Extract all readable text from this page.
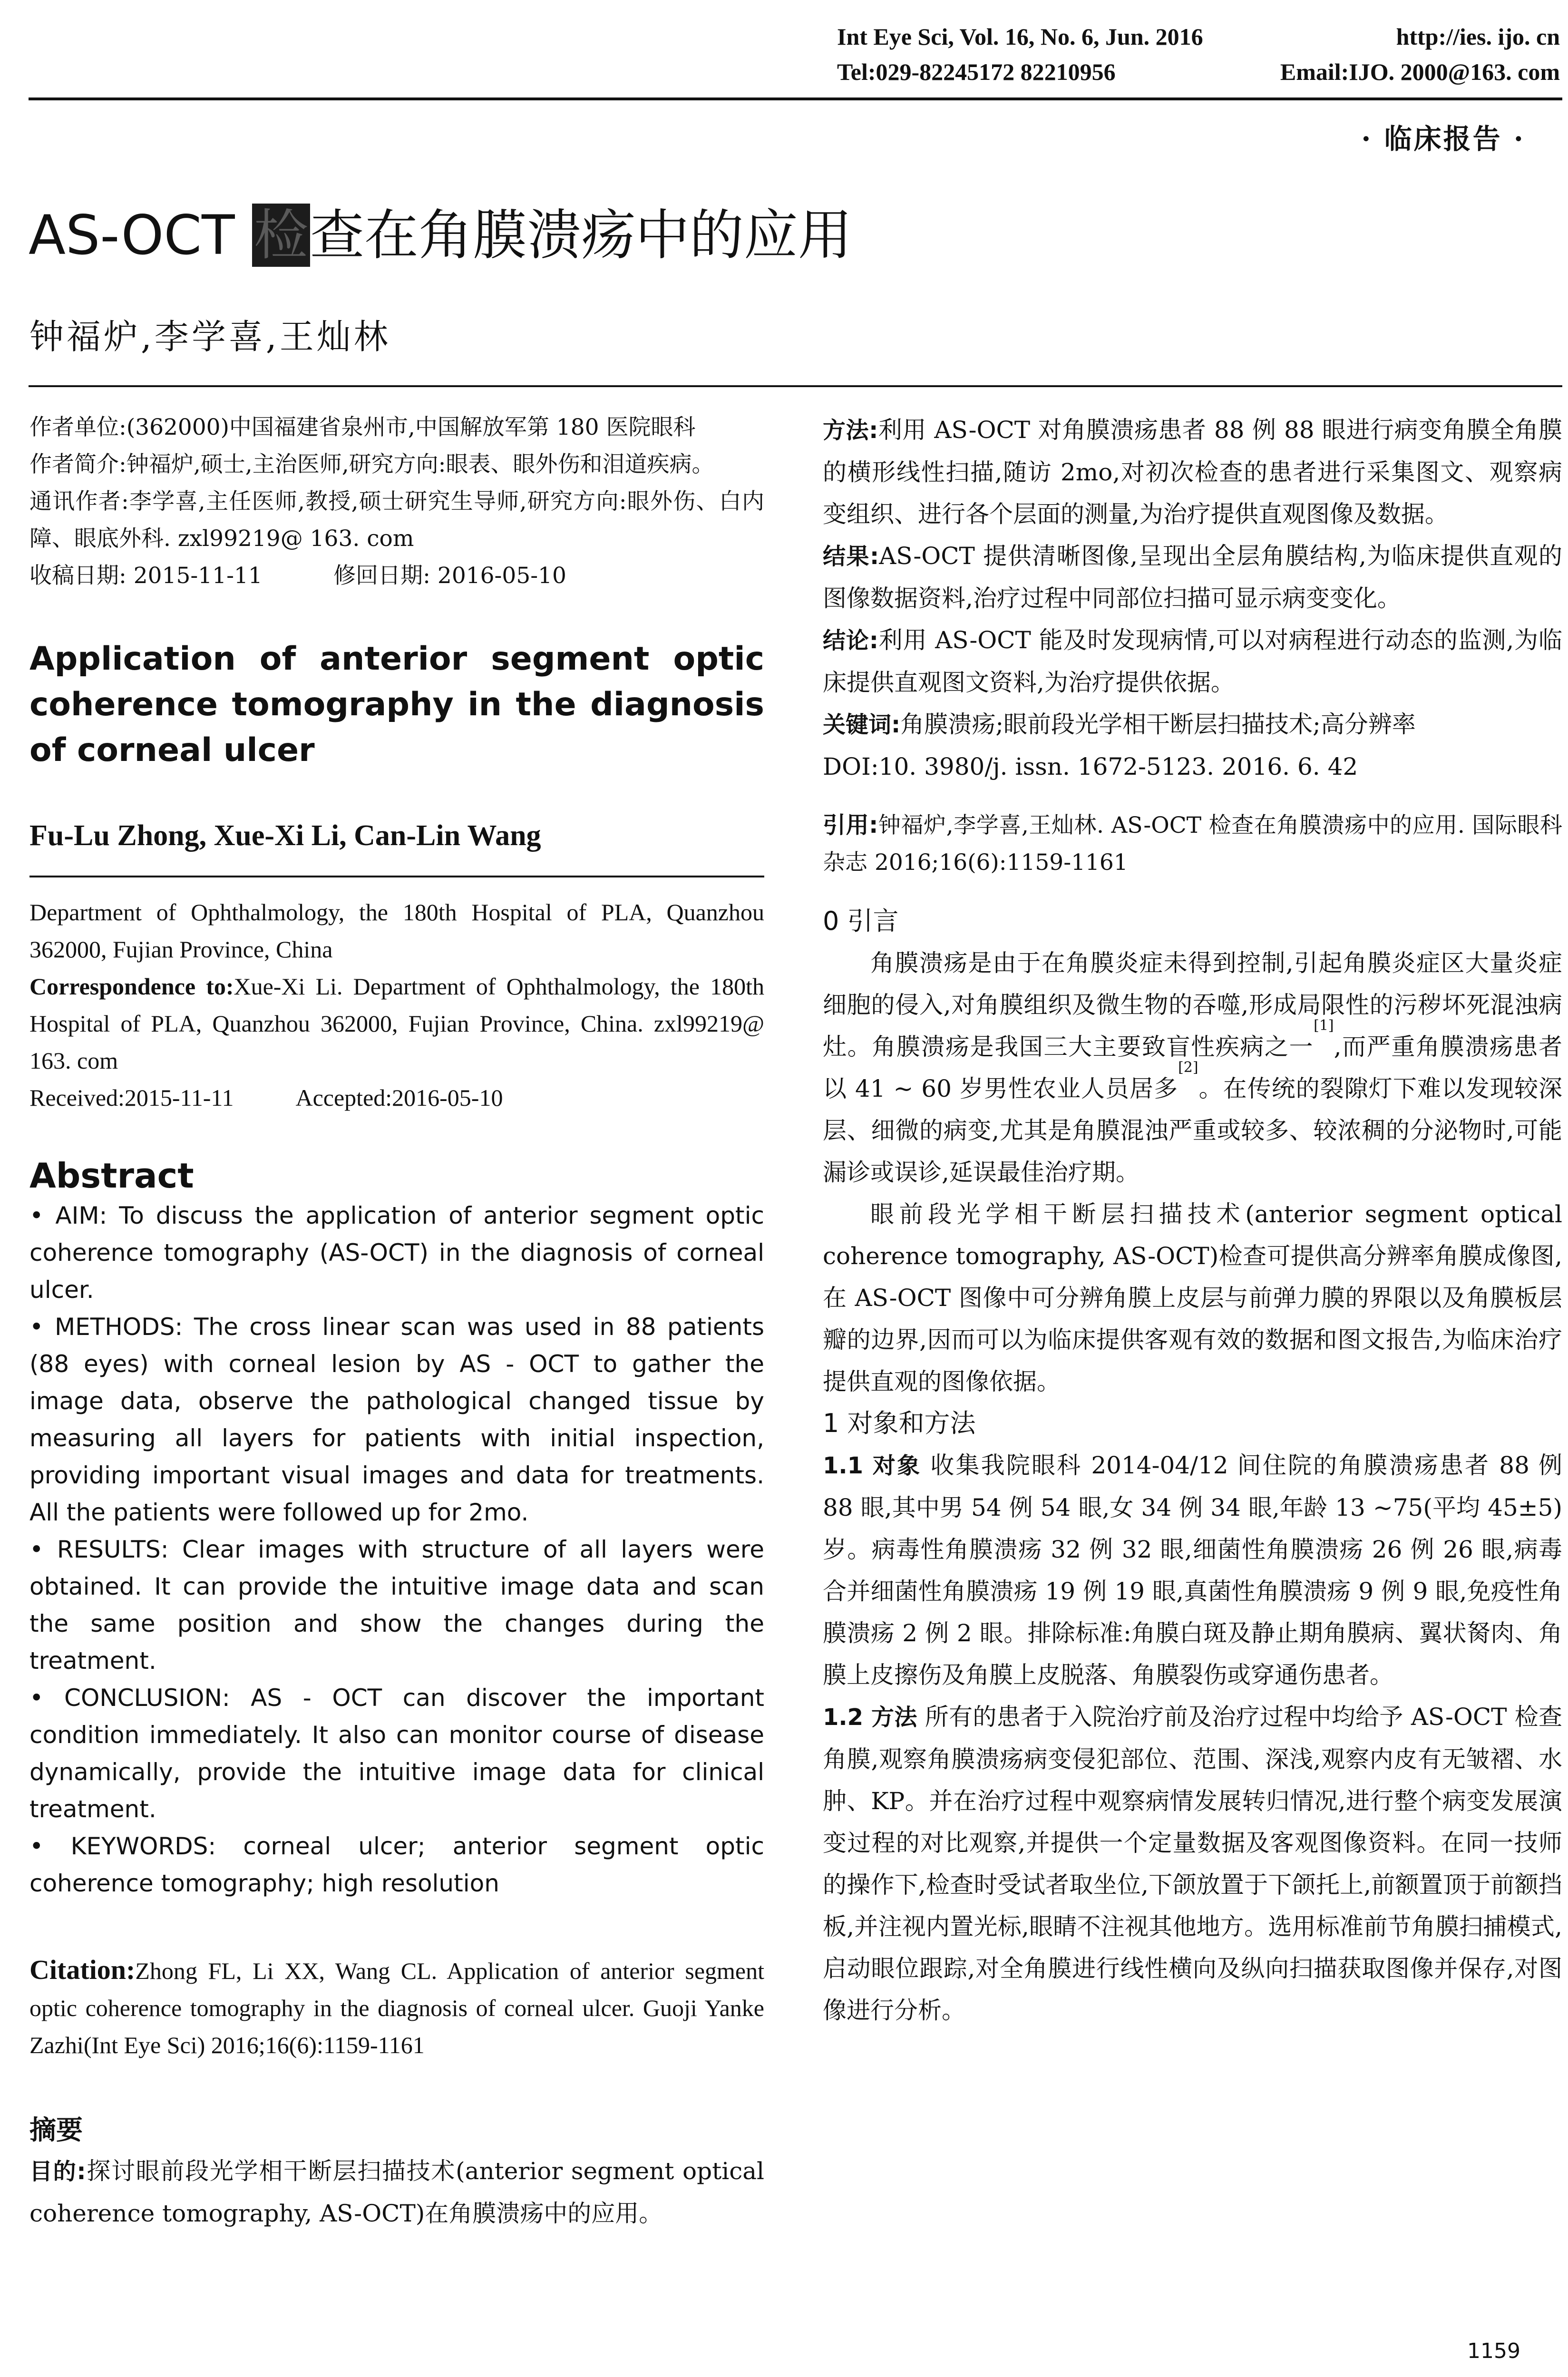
Int Eye Sci, Vol. 16, No. 6, Jun. 2016	http://ies. ijo. cn
Tel:029-82245172 82210956	Email:IJO. 2000@163. com
· 临床报告 ·
AS-OCT 检查在角膜溃疡中的应用
钟福炉,李学喜,王灿林

作者单位:(362000)中国福建省泉州市,中国解放军第 180 医院眼科

作者简介:钟福炉,硕士,主治医师,研究方向:眼表、眼外伤和泪道疾病。

通讯作者:李学喜,主任医师,教授,硕士研究生导师,研究方向:眼外伤、白内障、眼底外科. zxl99219@ 163. com

收稿日期: 2015-11-11          修回日期: 2016-05-10

Application of anterior segment optic coherence tomography in the diagnosis of corneal ulcer
Fu-Lu Zhong, Xue-Xi Li, Can-Lin Wang

Department of Ophthalmology, the 180th Hospital of PLA, Quanzhou 362000, Fujian Province, China

Correspondence to:Xue-Xi Li. Department of Ophthalmology, the 180th Hospital of PLA, Quanzhou 362000, Fujian Province, China. zxl99219@ 163. com

Received:2015-11-11	Accepted:2016-05-10
Abstract

• AIM: To discuss the application of anterior segment optic coherence tomography (AS-OCT) in the diagnosis of corneal ulcer.

• METHODS: The cross linear scan was used in 88 patients (88 eyes) with corneal lesion by AS - OCT to gather the image data, observe the pathological changed tissue by measuring all layers for patients with initial inspection, providing important visual images and data for treatments. All the patients were followed up for 2mo.

• RESULTS: Clear images with structure of all layers were obtained. It can provide the intuitive image data and scan the same position and show the changes during the treatment.

• CONCLUSION: AS - OCT can discover the important condition immediately. It also can monitor course of disease dynamically, provide the intuitive image data for clinical treatment.

• KEYWORDS: corneal ulcer; anterior segment optic coherence tomography; high resolution

Citation:Zhong FL, Li XX, Wang CL. Application of anterior segment optic coherence tomography in the diagnosis of corneal ulcer. Guoji Yanke Zazhi(Int Eye Sci) 2016;16(6):1159-1161

摘要

目的:探讨眼前段光学相干断层扫描技术(anterior segment optical coherence tomography, AS-OCT)在角膜溃疡中的应用。

方法:利用 AS-OCT 对角膜溃疡患者 88 例 88 眼进行病变角膜全角膜的横形线性扫描,随访 2mo,对初次检查的患者进行采集图文、观察病变组织、进行各个层面的测量,为治疗提供直观图像及数据。

结果:AS-OCT 提供清晰图像,呈现出全层角膜结构,为临床提供直观的图像数据资料,治疗过程中同部位扫描可显示病变变化。

结论:利用 AS-OCT 能及时发现病情,可以对病程进行动态的监测,为临床提供直观图文资料,为治疗提供依据。

关键词:角膜溃疡;眼前段光学相干断层扫描技术;高分辨率

DOI:10. 3980/j. issn. 1672-5123. 2016. 6. 42

引用:钟福炉,李学喜,王灿林. AS-OCT 检查在角膜溃疡中的应用. 国际眼科杂志 2016;16(6):1159-1161

0 引言

角膜溃疡是由于在角膜炎症未得到控制,引起角膜炎症区大量炎症细胞的侵入,对角膜组织及微生物的吞噬,形成局限性的污秽坏死混浊病灶。角膜溃疡是我国三大主要致盲性疾病之一[1],而严重角膜溃疡患者以 41 ~ 60 岁男性农业人员居多[2]。在传统的裂隙灯下难以发现较深层、细微的病变,尤其是角膜混浊严重或较多、较浓稠的分泌物时,可能漏诊或误诊,延误最佳治疗期。

眼前段光学相干断层扫描技术(anterior segment optical coherence tomography, AS-OCT)检查可提供高分辨率角膜成像图,在 AS-OCT 图像中可分辨角膜上皮层与前弹力膜的界限以及角膜板层瓣的边界,因而可以为临床提供客观有效的数据和图文报告,为临床治疗提供直观的图像依据。

1 对象和方法

1.1 对象 收集我院眼科 2014-04/12 间住院的角膜溃疡患者 88 例 88 眼,其中男 54 例 54 眼,女 34 例 34 眼,年龄 13 ~75(平均 45±5)岁。病毒性角膜溃疡 32 例 32 眼,细菌性角膜溃疡 26 例 26 眼,病毒合并细菌性角膜溃疡 19 例 19 眼,真菌性角膜溃疡 9 例 9 眼,免疫性角膜溃疡 2 例 2 眼。排除标准:角膜白斑及静止期角膜病、翼状胬肉、角膜上皮擦伤及角膜上皮脱落、角膜裂伤或穿通伤患者。

1.2 方法 所有的患者于入院治疗前及治疗过程中均给予 AS-OCT 检查角膜,观察角膜溃疡病变侵犯部位、范围、深浅,观察内皮有无皱褶、水肿、KP。并在治疗过程中观察病情发展转归情况,进行整个病变发展演变过程的对比观察,并提供一个定量数据及客观图像资料。在同一技师的操作下,检查时受试者取坐位,下颌放置于下颌托上,前额置顶于前额挡板,并注视内置光标,眼睛不注视其他地方。选用标准前节角膜扫捕模式,启动眼位跟踪,对全角膜进行线性横向及纵向扫描获取图像并保存,对图像进行分析。

1159
